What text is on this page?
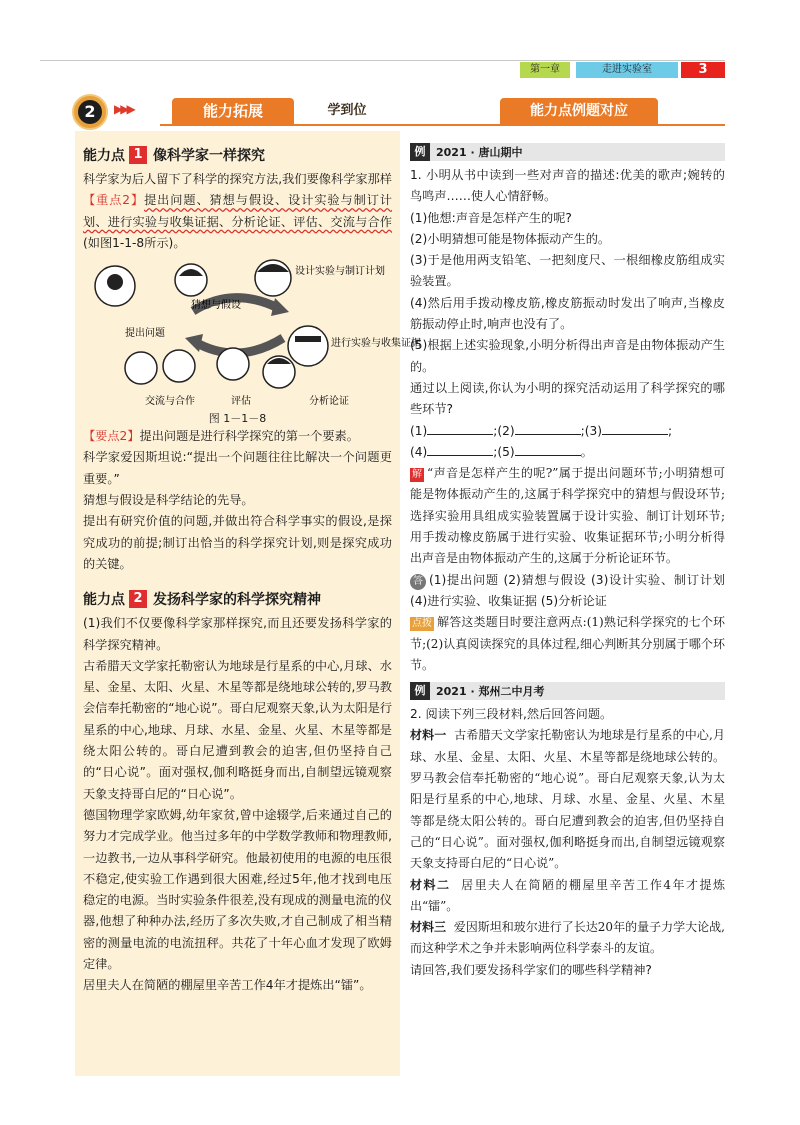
第一章	走进实验室	3
2	▶▶▶	能力拓展	学到位	能力点例题对应
能力点 1 像科学家一样探究

科学家为后人留下了科学的探究方法,我们要像科学家那样【重点2】提出问题、猜想与假设、设计实验与制订计划、进行实验与收集证据、分析论证、评估、交流与合作(如图1-1-8所示)。

猜想与假设
设计实验与制订计划
提出问题
进行实验与收集证据
交流与合作	评估	分析论证
图 1－1－8

【要点2】提出问题是进行科学探究的第一个要素。

科学家爱因斯坦说:“提出一个问题往往比解决一个问题更重要。”

猜想与假设是科学结论的先导。

提出有研究价值的问题,并做出符合科学事实的假设,是探究成功的前提;制订出恰当的科学探究计划,则是探究成功的关键。

能力点 2 发扬科学家的科学探究精神

(1)我们不仅要像科学家那样探究,而且还要发扬科学家的科学探究精神。

古希腊天文学家托勒密认为地球是行星系的中心,月球、水星、金星、太阳、火星、木星等都是绕地球公转的,罗马教会信奉托勒密的“地心说”。哥白尼观察天象,认为太阳是行星系的中心,地球、月球、水星、金星、火星、木星等都是绕太阳公转的。哥白尼遭到教会的迫害,但仍坚持自己的“日心说”。面对强权,伽利略挺身而出,自制望远镜观察天象支持哥白尼的“日心说”。

德国物理学家欧姆,幼年家贫,曾中途辍学,后来通过自己的努力才完成学业。他当过多年的中学数学教师和物理教师,一边教书,一边从事科学研究。他最初使用的电源的电压很不稳定,使实验工作遇到很大困难,经过5年,他才找到电压稳定的电源。当时实验条件很差,没有现成的测量电流的仪器,他想了种种办法,经历了多次失败,才自己制成了相当精密的测量电流的电流扭秤。共花了十年心血才发现了欧姆定律。

居里夫人在简陋的棚屋里辛苦工作4年才提炼出“镭”。

例 2021 · 唐山期中

1. 小明从书中读到一些对声音的描述:优美的歌声;婉转的鸟鸣声……使人心情舒畅。

(1)他想:声音是怎样产生的呢?

(2)小明猜想可能是物体振动产生的。

(3)于是他用两支铅笔、一把刻度尺、一根细橡皮筋组成实验装置。

(4)然后用手拨动橡皮筋,橡皮筋振动时发出了响声,当橡皮筋振动停止时,响声也没有了。

(5)根据上述实验现象,小明分析得出声音是由物体振动产生的。

通过以上阅读,你认为小明的探究活动运用了科学探究的哪些环节?

(1)	;(2)	;(3)	;

(4)	;(5)	。

解 “声音是怎样产生的呢?”属于提出问题环节;小明猜想可能是物体振动产生的,这属于科学探究中的猜想与假设环节;选择实验用具组成实验装置属于设计实验、制订计划环节;用手拨动橡皮筋属于进行实验、收集证据环节;小明分析得出声音是由物体振动产生的,这属于分析论证环节。

答 (1)提出问题 (2)猜想与假设 (3)设计实验、制订计划 (4)进行实验、收集证据 (5)分析论证

点拨 解答这类题目时要注意两点:(1)熟记科学探究的七个环节;(2)认真阅读探究的具体过程,细心判断其分别属于哪个环节。

例 2021 · 郑州二中月考

2. 阅读下列三段材料,然后回答问题。

材料一 古希腊天文学家托勒密认为地球是行星系的中心,月球、水星、金星、太阳、火星、木星等都是绕地球公转的。罗马教会信奉托勒密的“地心说”。哥白尼观察天象,认为太阳是行星系的中心,地球、月球、水星、金星、火星、木星等都是绕太阳公转的。哥白尼遭到教会的迫害,但仍坚持自己的“日心说”。面对强权,伽利略挺身而出,自制望远镜观察天象支持哥白尼的“日心说”。

材料二 居里夫人在简陋的棚屋里辛苦工作4年才提炼出“镭”。

材料三 爱因斯坦和玻尔进行了长达20年的量子力学大论战,而这种学术之争并未影响两位科学泰斗的友谊。

请回答,我们要发扬科学家们的哪些科学精神?
